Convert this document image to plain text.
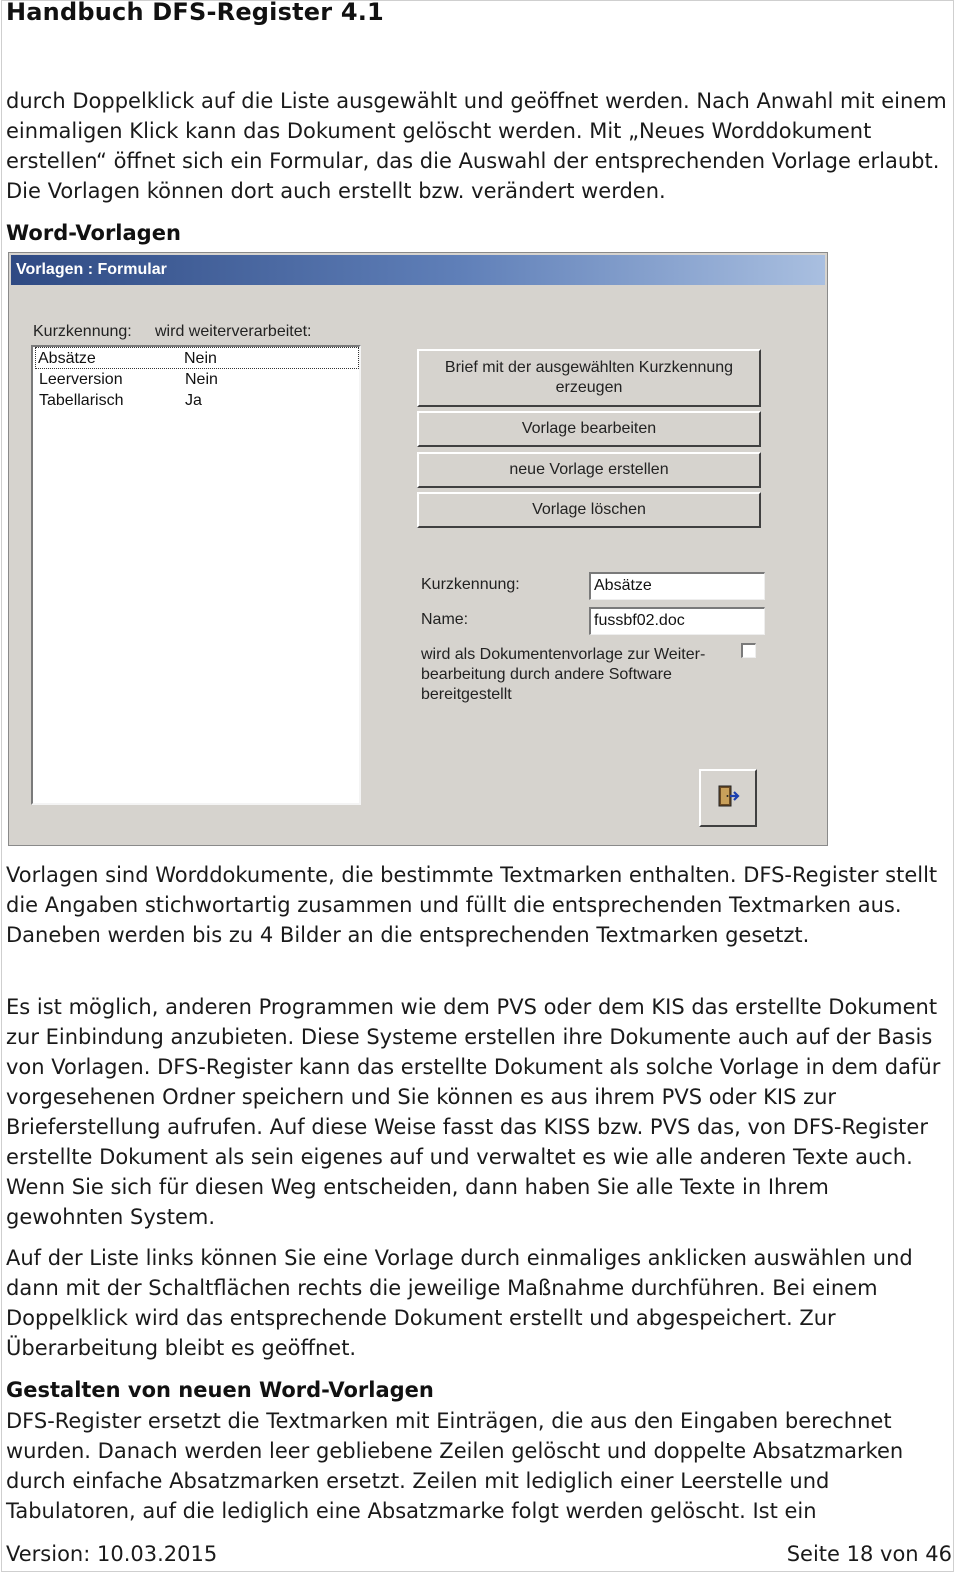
Handbuch DFS-Register 4.1

durch Doppelklick auf die Liste ausgewählt und geöffnet werden. Nach Anwahl mit einem einmaligen Klick kann das Dokument gelöscht werden. Mit „Neues Worddokument erstellen“ öffnet sich ein Formular, das die Auswahl der entsprechenden Vorlage erlaubt. Die Vorlagen können dort auch erstellt bzw. verändert werden.

Word-Vorlagen
Vorlagen : Formular
Kurzkennung: wird weiterverarbeitet:
Absätze	Nein
Leerversion	Nein
Tabellarisch	Ja
Brief mit der ausgewählten Kurzkennung erzeugen
Vorlage bearbeiten
neue Vorlage erstellen
Vorlage löschen
Kurzkennung:	Absätze
Name:	fussbf02.doc
wird als Dokumentenvorlage zur Weiterbearbeitung durch andere Software bereitgestellt

Vorlagen sind Worddokumente, die bestimmte Textmarken enthalten. DFS-Register stellt die Angaben stichwortartig zusammen und füllt die entsprechenden Textmarken aus. Daneben werden bis zu 4 Bilder an die entsprechenden Textmarken gesetzt.

Es ist möglich, anderen Programmen wie dem PVS oder dem KIS das erstellte Dokument zur Einbindung anzubieten. Diese Systeme erstellen ihre Dokumente auch auf der Basis von Vorlagen. DFS-Register kann das erstellte Dokument als solche Vorlage in dem dafür vorgesehenen Ordner speichern und Sie können es aus ihrem PVS oder KIS zur Brieferstellung aufrufen. Auf diese Weise fasst das KISS bzw. PVS das, von DFS-Register erstellte Dokument als sein eigenes auf und verwaltet es wie alle anderen Texte auch. Wenn Sie sich für diesen Weg entscheiden, dann haben Sie alle Texte in Ihrem gewohnten System.

Auf der Liste links können Sie eine Vorlage durch einmaliges anklicken auswählen und dann mit der Schaltflächen rechts die jeweilige Maßnahme durchführen. Bei einem Doppelklick wird das entsprechende Dokument erstellt und abgespeichert. Zur Überarbeitung bleibt es geöffnet.

Gestalten von neuen Word-Vorlagen

DFS-Register ersetzt die Textmarken mit Einträgen, die aus den Eingaben berechnet wurden. Danach werden leer gebliebene Zeilen gelöscht und doppelte Absatzmarken durch einfache Absatzmarken ersetzt. Zeilen mit lediglich einer Leerstelle und Tabulatoren, auf die lediglich eine Absatzmarke folgt werden gelöscht. Ist ein

Version: 10.03.2015	Seite 18 von 46
